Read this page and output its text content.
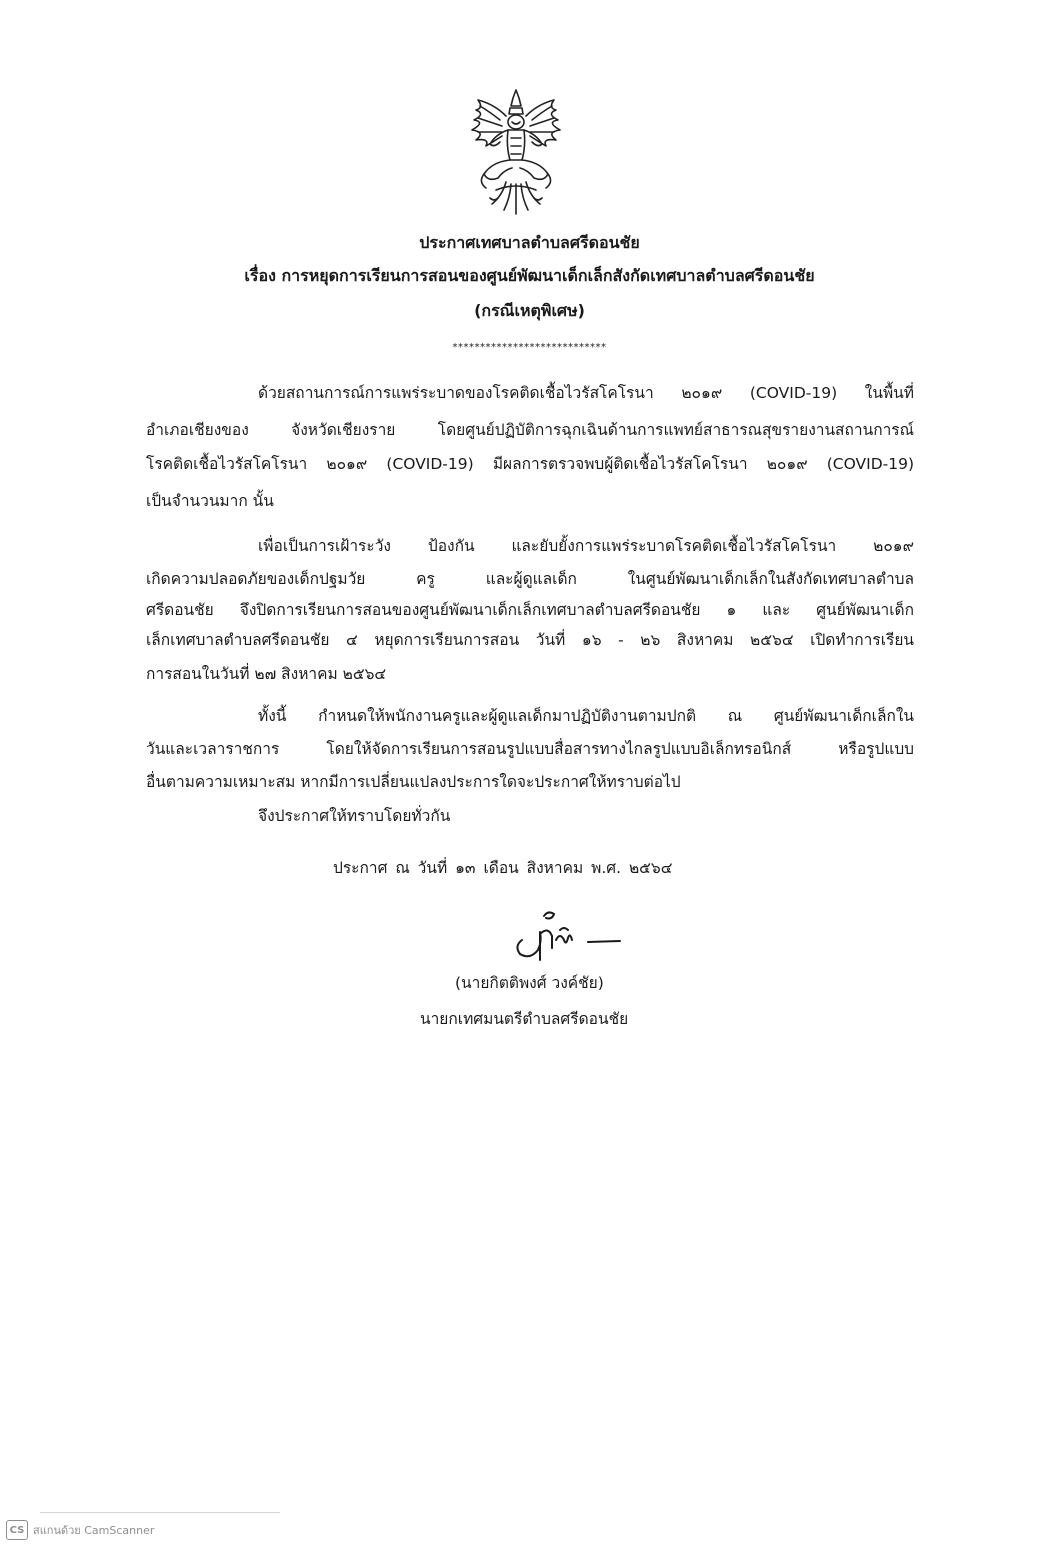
ประกาศเทศบาลตำบลศรีดอนชัย
เรื่อง การหยุดการเรียนการสอนของศูนย์พัฒนาเด็กเล็กสังกัดเทศบาลตำบลศรีดอนชัย
(กรณีเหตุพิเศษ)
****************************
ด้วยสถานการณ์การแพร่ระบาดของโรคติดเชื้อไวรัสโคโรนา ๒๐๑๙ (COVID-19) ในพื้นที่
อำเภอเชียงของ จังหวัดเชียงราย โดยศูนย์ปฏิบัติการฉุกเฉินด้านการแพทย์สาธารณสุขรายงานสถานการณ์
โรคติดเชื้อไวรัสโคโรนา ๒๐๑๙ (COVID-19) มีผลการตรวจพบผู้ติดเชื้อไวรัสโคโรนา ๒๐๑๙ (COVID-19)
เป็นจำนวนมาก นั้น
เพื่อเป็นการเฝ้าระวัง ป้องกัน และยับยั้งการแพร่ระบาดโรคติดเชื้อไวรัสโคโรนา ๒๐๑๙
เกิดความปลอดภัยของเด็กปฐมวัย ครู และผู้ดูแลเด็ก ในศูนย์พัฒนาเด็กเล็กในสังกัดเทศบาลตำบล
ศรีดอนชัย จึงปิดการเรียนการสอนของศูนย์พัฒนาเด็กเล็กเทศบาลตำบลศรีดอนชัย ๑ และ ศูนย์พัฒนาเด็ก
เล็กเทศบาลตำบลศรีดอนชัย ๔ หยุดการเรียนการสอน วันที่ ๑๖ - ๒๖ สิงหาคม ๒๕๖๔ เปิดทำการเรียน
การสอนในวันที่ ๒๗ สิงหาคม ๒๕๖๔
ทั้งนี้ กำหนดให้พนักงานครูและผู้ดูแลเด็กมาปฏิบัติงานตามปกติ ณ ศูนย์พัฒนาเด็กเล็กใน
วันและเวลาราชการ โดยให้จัดการเรียนการสอนรูปแบบสื่อสารทางไกลรูปแบบอิเล็กทรอนิกส์ หรือรูปแบบ
อื่นตามความเหมาะสม หากมีการเปลี่ยนแปลงประการใดจะประกาศให้ทราบต่อไป
จึงประกาศให้ทราบโดยทั่วกัน
ประกาศ ณ วันที่ ๑๓ เดือน สิงหาคม พ.ศ. ๒๕๖๔
(นายกิตติพงศ์ วงค์ชัย)
นายกเทศมนตรีตำบลศรีดอนชัย
CS สแกนด้วย CamScanner
